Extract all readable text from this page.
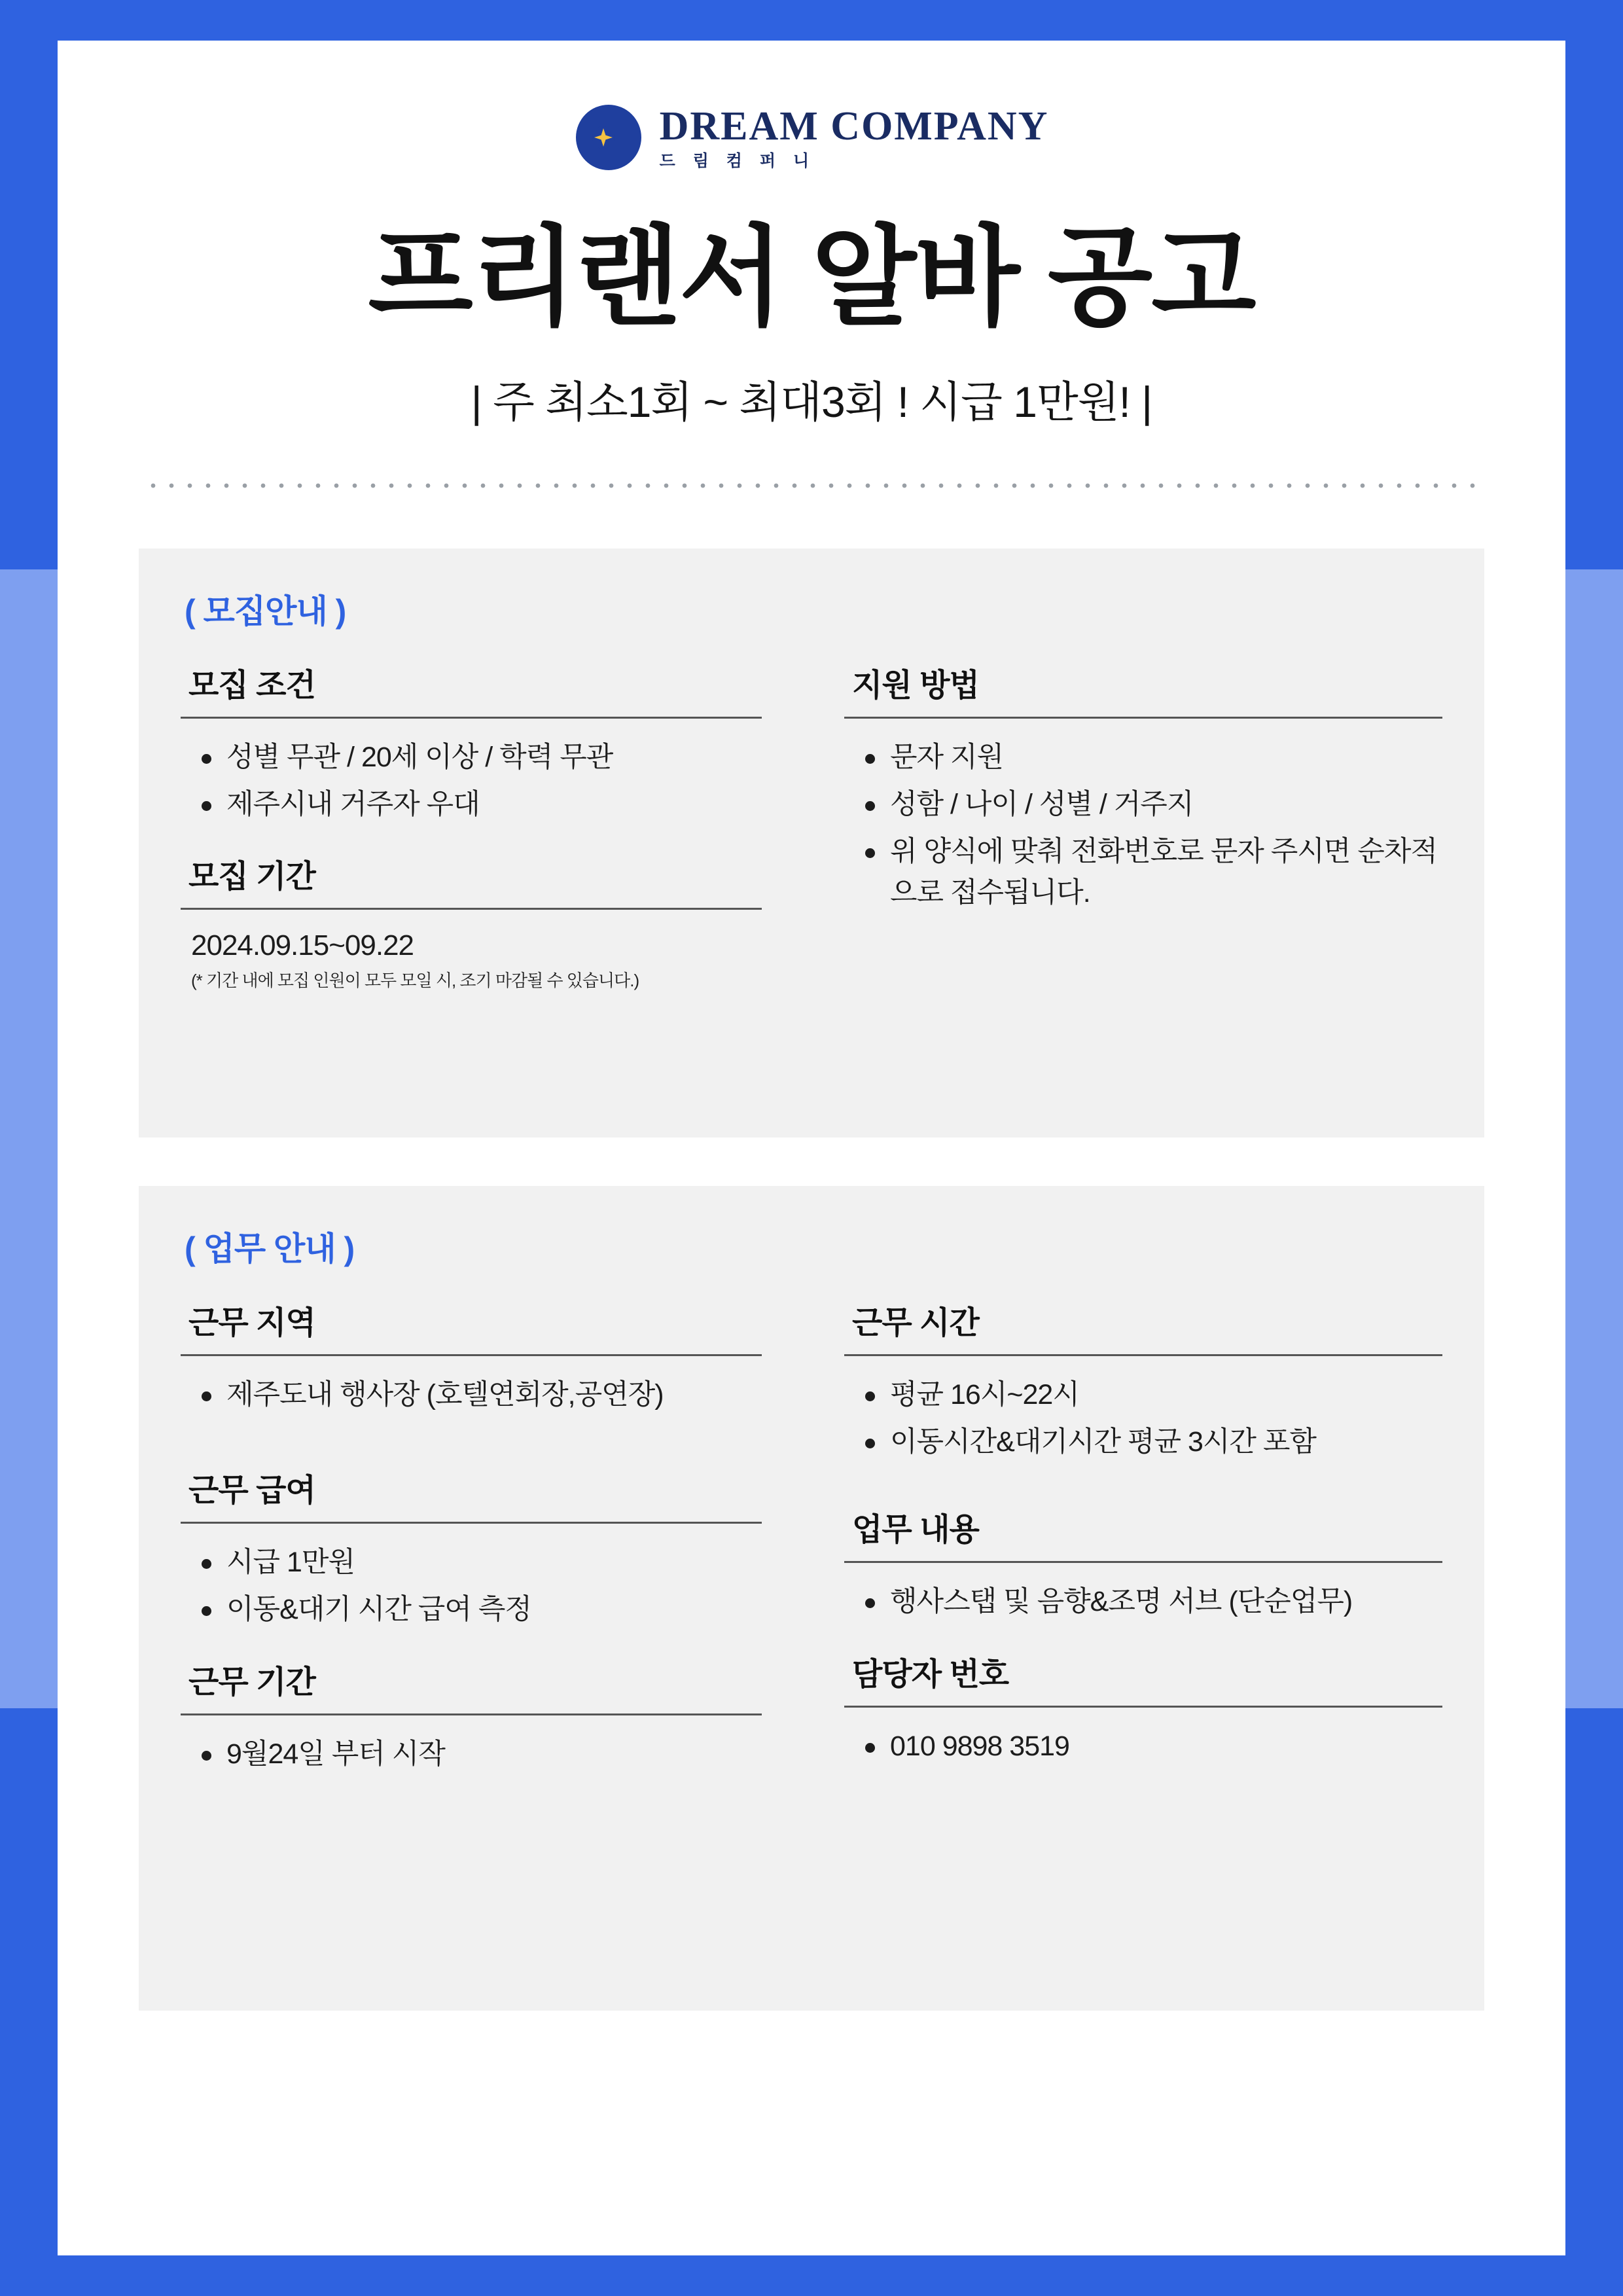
DREAM COMPANY
드 림 컴 퍼 니
프리랜서 알바 공고
| 주 최소1회 ~ 최대3회 ! 시급 1만원! |
( 모집안내 )
모집 조건
성별 무관 / 20세 이상 / 학력 무관
제주시내 거주자 우대
모집 기간
2024.09.15~09.22
(* 기간 내에 모집 인원이 모두 모일 시, 조기 마감될 수 있습니다.)
지원 방법
문자 지원
성함 / 나이 / 성별 / 거주지
위 양식에 맞춰 전화번호로 문자 주시면 순차적으로 접수됩니다.
( 업무 안내 )
근무 지역
제주도내 행사장 (호텔연회장,공연장)
근무 급여
시급 1만원
이동&대기 시간 급여 측정
근무 기간
9월24일 부터 시작
근무 시간
평균 16시~22시
이동시간&대기시간 평균 3시간 포함
업무 내용
행사스탭 및 음향&조명 서브 (단순업무)
담당자 번호
010 9898 3519
